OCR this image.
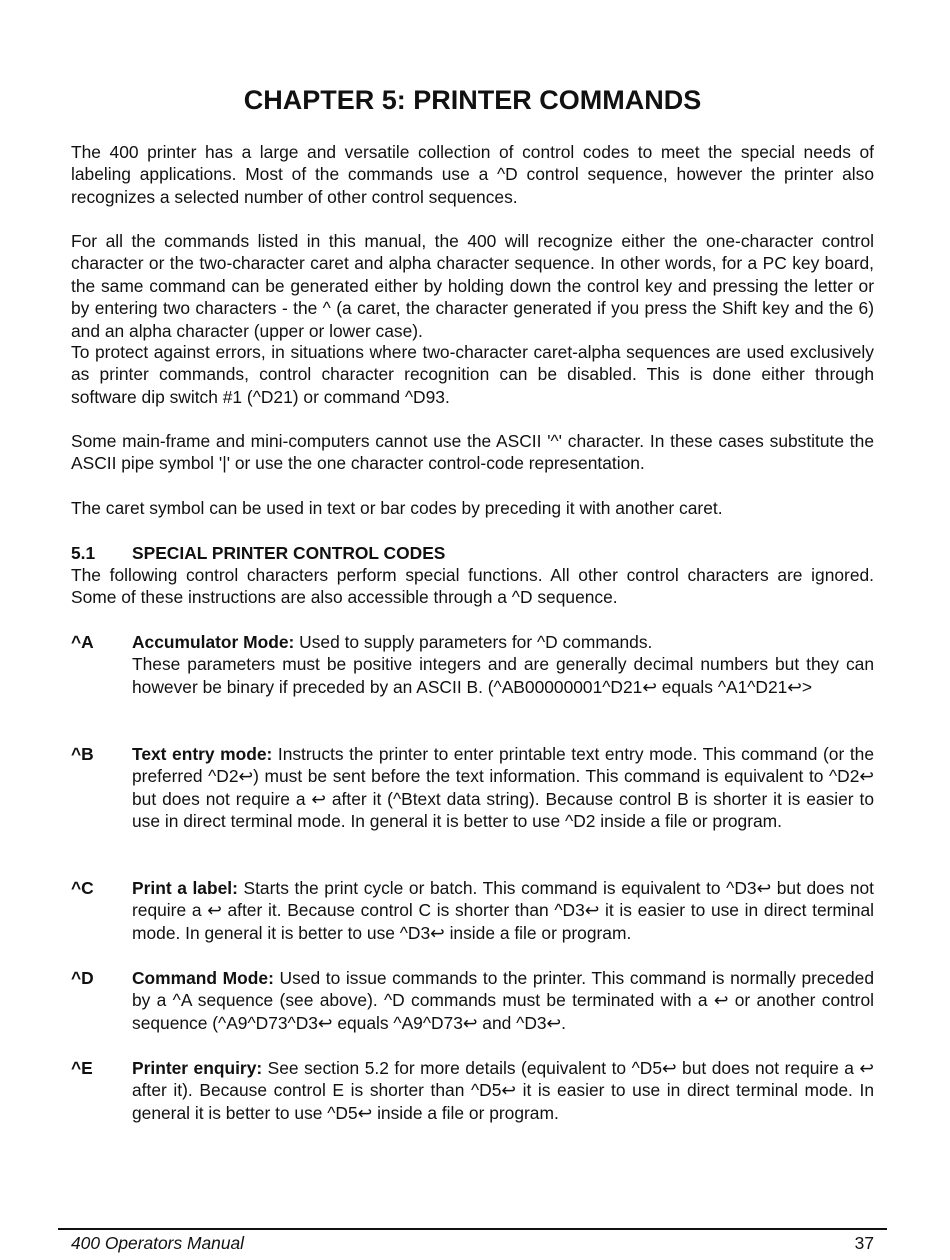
CHAPTER 5: PRINTER COMMANDS

The 400 printer has a large and versatile collection of control codes to meet the special needs of labeling applications. Most of the commands use a ^D control sequence, however the printer also recognizes a selected number of other control sequences.

For all the commands listed in this manual, the 400 will recognize either the one-character control character or the two-character caret and alpha character sequence. In other words, for a PC key board, the same command can be generated either by holding down the control key and pressing the letter or by entering two characters - the ^ (a caret, the character generated if you press the Shift key and the 6) and an alpha character (upper or lower case).

To protect against errors, in situations where two-character caret-alpha sequences are used exclusively as printer commands, control character recognition can be disabled. This is done either through software dip switch #1 (^D21) or command ^D93.

Some main-frame and mini-computers cannot use the ASCII '^' character. In these cases substitute the ASCII pipe symbol '|' or use the one character control-code representation.

The caret symbol can be used in text or bar codes by preceding it with another caret.

5.1 SPECIAL PRINTER CONTROL CODES

The following control characters perform special functions. All other control characters are ignored. Some of these instructions are also accessible through a ^D sequence.

^A Accumulator Mode: Used to supply parameters for ^D commands.
These parameters must be positive integers and are generally decimal numbers but they can however be binary if preceded by an ASCII B. (^AB00000001^D21↩ equals ^A1^D21↩>
^B Text entry mode: Instructs the printer to enter printable text entry mode. This command (or the preferred ^D2↩) must be sent before the text information. This command is equivalent to ^D2↩ but does not require a ↩ after it (^Btext data string). Because control B is shorter it is easier to use in direct terminal mode. In general it is better to use ^D2 inside a file or program.
^C Print a label: Starts the print cycle or batch. This command is equivalent to ^D3↩ but does not require a ↩ after it. Because control C is shorter than ^D3↩ it is easier to use in direct terminal mode. In general it is better to use ^D3↩ inside a file or program.
^D Command Mode: Used to issue commands to the printer. This command is normally preceded by a ^A sequence (see above). ^D commands must be terminated with a ↩ or another control sequence (^A9^D73^D3↩ equals ^A9^D73↩ and ^D3↩.
^E Printer enquiry: See section 5.2 for more details (equivalent to ^D5↩ but does not require a ↩ after it). Because control E is shorter than ^D5↩ it is easier to use in direct terminal mode. In general it is better to use ^D5↩ inside a file or program.
400 Operators Manual	37
